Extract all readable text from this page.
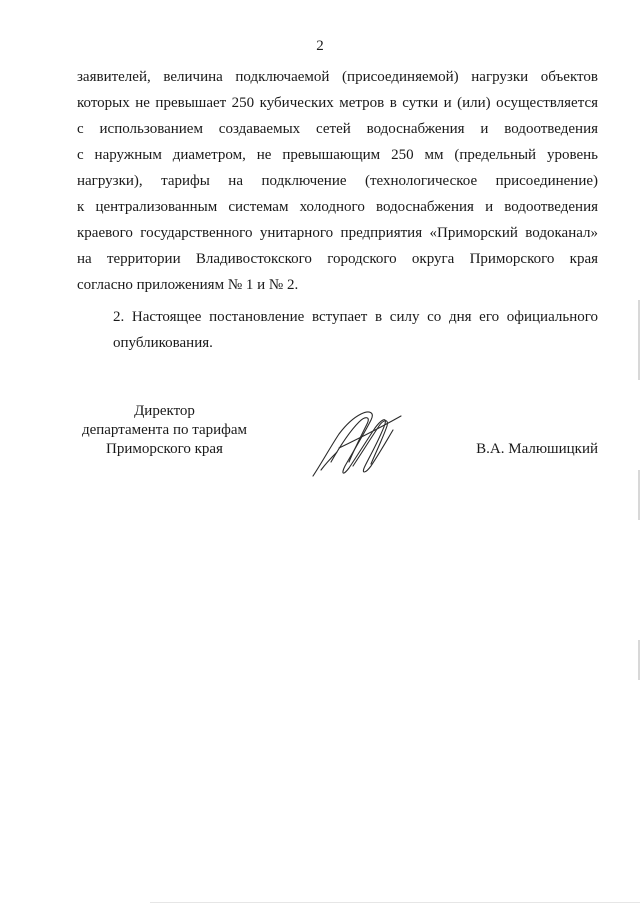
2

заявителей, величина подключаемой (присоединяемой) нагрузки объектов
которых не превышает 250 кубических метров в сутки и (или) осуществляется
с использованием создаваемых сетей водоснабжения и водоотведения
с наружным диаметром, не превышающим 250 мм (предельный уровень
нагрузки), тарифы на подключение (технологическое присоединение)
к централизованным системам холодного водоснабжения и водоотведения
краевого государственного унитарного предприятия «Приморский водоканал»
на территории Владивостокского городского округа Приморского края
согласно приложениям № 1 и № 2.

2. Настоящее постановление вступает в силу со дня его официального
опубликования.

Директор
департамента по тарифам
Приморского края	В.А. Малюшицкий
